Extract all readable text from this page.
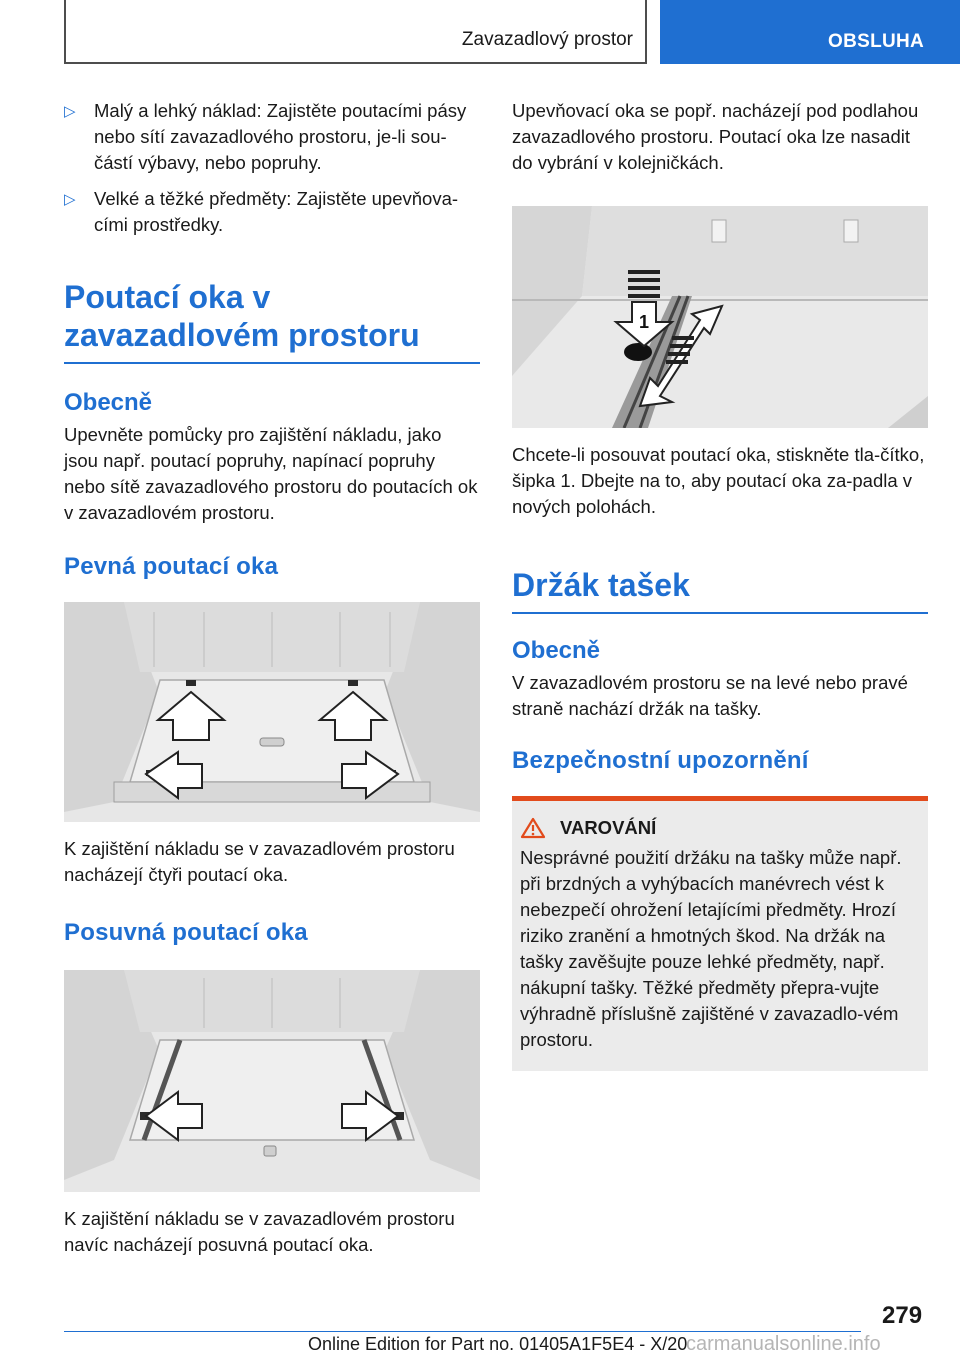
Zavazadlový prostor	OBSLUHA

▷ Malý a lehký náklad: Zajistěte poutacími pásy nebo sítí zavazadlového prostoru, je-li sou-částí výbavy, nebo popruhy.

▷ Velké a těžké předměty: Zajistěte upevňova-cími prostředky.

Poutací oka v zavazadlovém prostoru
Obecně

Upevněte pomůcky pro zajištění nákladu, jako jsou např. poutací popruhy, napínací popruhy nebo sítě zavazadlového prostoru do poutacích ok v zavazadlovém prostoru.

Pevná poutací oka

K zajištění nákladu se v zavazadlovém prostoru nacházejí čtyři poutací oka.

Posuvná poutací oka

K zajištění nákladu se v zavazadlovém prostoru navíc nacházejí posuvná poutací oka.

Upevňovací oka se popř. nacházejí pod podlahou zavazadlového prostoru. Poutací oka lze nasadit do vybrání v kolejničkách.

1

Chcete-li posouvat poutací oka, stiskněte tla-čítko, šipka 1. Dbejte na to, aby poutací oka za-padla v nových polohách.

Držák tašek
Obecně

V zavazadlovém prostoru se na levé nebo pravé straně nachází držák na tašky.

Bezpečnostní upozornění
VAROVÁNÍ

Nesprávné použití držáku na tašky může např. při brzdných a vyhýbacích manévrech vést k nebezpečí ohrožení letajícími předměty. Hrozí riziko zranění a hmotných škod. Na držák na tašky zavěšujte pouze lehké předměty, např. nákupní tašky. Těžké předměty přepra-vujte výhradně příslušně zajištěné v zavazadlo-vém prostoru.

279
Online Edition for Part no. 01405A1F5E4 - X/20
carmanualsonline.info
